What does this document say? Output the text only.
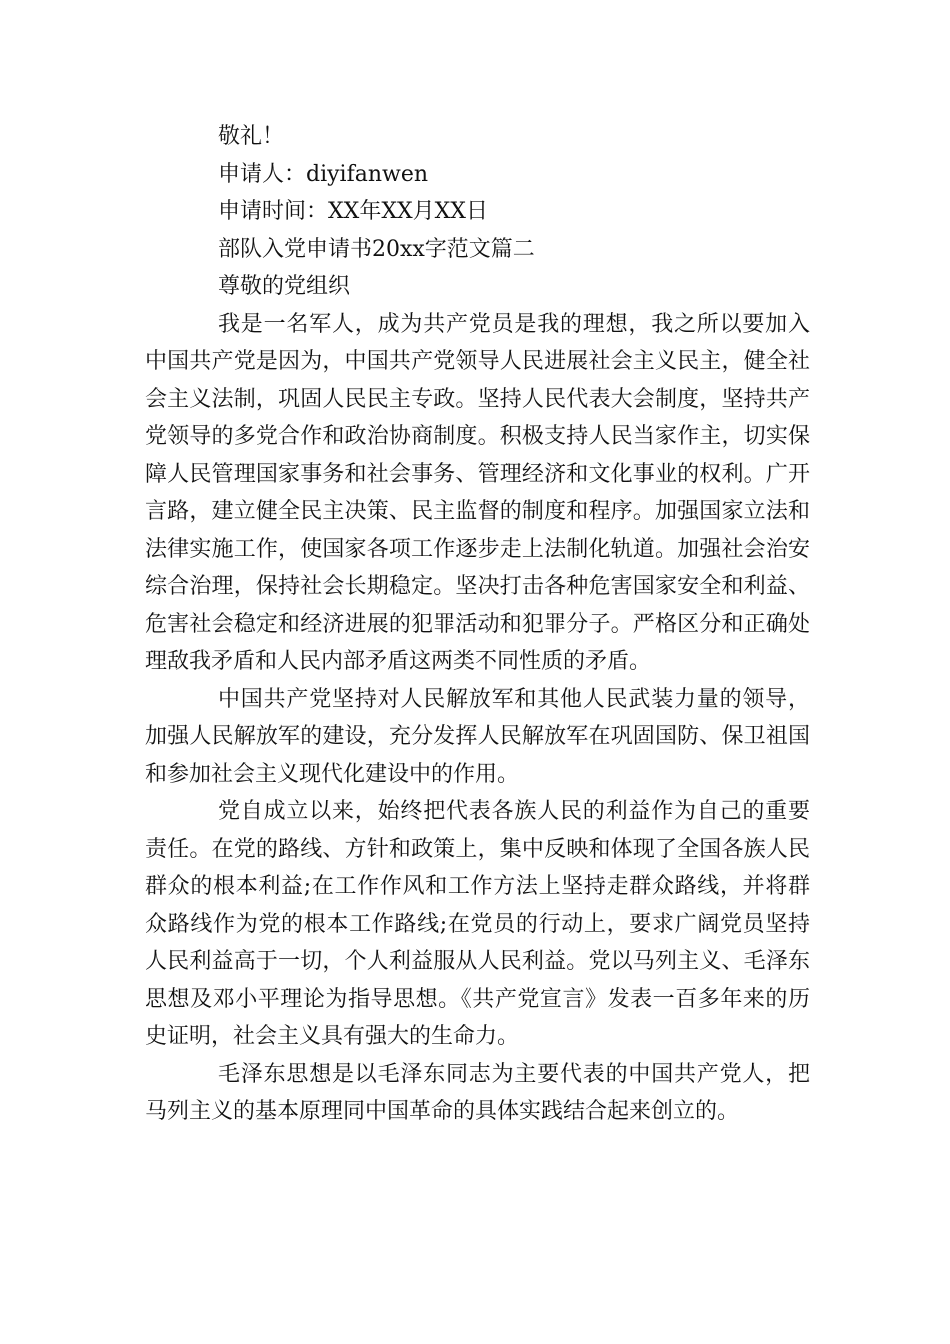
敬礼！
申请人：diyifanwen
申请时间：XX年XX月XX日
部队入党申请书20xx字范文篇二
尊敬的党组织

我是一名军人，成为共产党员是我的理想，我之所以要加入中国共产党是因为，中国共产党领导人民进展社会主义民主，健全社会主义法制，巩固人民民主专政。坚持人民代表大会制度，坚持共产党领导的多党合作和政治协商制度。积极支持人民当家作主，切实保障人民管理国家事务和社会事务、管理经济和文化事业的权利。广开言路，建立健全民主决策、民主监督的制度和程序。加强国家立法和法律实施工作，使国家各项工作逐步走上法制化轨道。加强社会治安综合治理，保持社会长期稳定。坚决打击各种危害国家安全和利益、危害社会稳定和经济进展的犯罪活动和犯罪分子。严格区分和正确处理敌我矛盾和人民内部矛盾这两类不同性质的矛盾。

中国共产党坚持对人民解放军和其他人民武装力量的领导，加强人民解放军的建设，充分发挥人民解放军在巩固国防、保卫祖国和参加社会主义现代化建设中的作用。

党自成立以来，始终把代表各族人民的利益作为自己的重要责任。在党的路线、方针和政策上，集中反映和体现了全国各族人民群众的根本利益;在工作作风和工作方法上坚持走群众路线，并将群众路线作为党的根本工作路线;在党员的行动上，要求广阔党员坚持人民利益高于一切，个人利益服从人民利益。党以马列主义、毛泽东思想及邓小平理论为指导思想。《共产党宣言》发表一百多年来的历史证明，社会主义具有强大的生命力。

毛泽东思想是以毛泽东同志为主要代表的中国共产党人，把马列主义的基本原理同中国革命的具体实践结合起来创立的。
